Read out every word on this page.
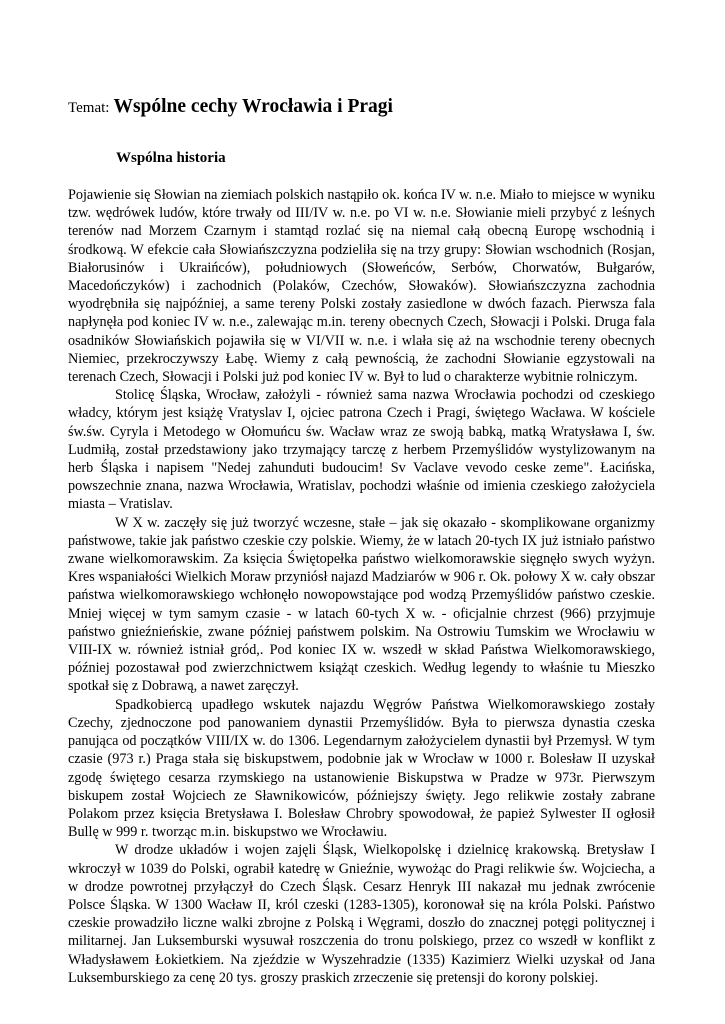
Temat: Wspólne cechy Wrocławia i Pragi
Wspólna historia

Pojawienie się Słowian na ziemiach polskich nastąpiło ok. końca IV w. n.e. Miało to miejsce w wyniku tzw. wędrówek ludów, które trwały od III/IV w. n.e. po VI w. n.e. Słowianie mieli przybyć z leśnych terenów nad Morzem Czarnym i stamtąd rozlać się na niemal całą obecną Europę wschodnią i środkową. W efekcie cała Słowiańszczyzna podzieliła się na trzy grupy: Słowian wschodnich (Rosjan, Białorusinów i Ukraińców), południowych (Słoweńców, Serbów, Chorwatów, Bułgarów, Macedończyków) i zachodnich (Polaków, Czechów, Słowaków). Słowiańszczyzna zachodnia wyodrębniła się najpóźniej, a same tereny Polski zostały zasiedlone w dwóch fazach. Pierwsza fala napłynęła pod koniec IV w. n.e., zalewając m.in. tereny obecnych Czech, Słowacji i Polski. Druga fala osadników Słowiańskich pojawiła się w VI/VII w. n.e. i wlała się aż na wschodnie tereny obecnych Niemiec, przekroczywszy Łabę. Wiemy z całą pewnością, że zachodni Słowianie egzystowali na terenach Czech, Słowacji i Polski już pod koniec IV w. Był to lud o charakterze wybitnie rolniczym.

Stolicę Śląska, Wrocław, założyli - również sama nazwa Wrocławia pochodzi od czeskiego władcy, którym jest książę Vratyslav I, ojciec patrona Czech i Pragi, świętego Wacława. W kościele św.św. Cyryla i Metodego w Ołomuńcu św. Wacław wraz ze swoją babką, matką Wratysława I, św. Ludmiłą, został przedstawiony jako trzymający tarczę z herbem Przemyślidów wystylizowanym na herb Śląska i napisem "Nedej zahunduti budoucim! Sv Vaclave vevodo ceske zeme". Łacińska, powszechnie znana, nazwa Wrocławia, Wratislav, pochodzi właśnie od imienia czeskiego założyciela miasta – Vratislav.

W X w. zaczęły się już tworzyć wczesne, stałe – jak się okazało - skomplikowane organizmy państwowe, takie jak państwo czeskie czy polskie. Wiemy, że w latach 20-tych IX już istniało państwo zwane wielkomorawskim. Za księcia Świętopełka państwo wielkomorawskie sięgnęło swych wyżyn. Kres wspaniałości Wielkich Moraw przyniósł najazd Madziarów w 906 r. Ok. połowy X w. cały obszar państwa wielkomorawskiego wchłonęło nowopowstające pod wodzą Przemyślidów państwo czeskie. Mniej więcej w tym samym czasie - w latach 60-tych X w. - oficjalnie chrzest (966) przyjmuje państwo gnieźnieńskie, zwane później państwem polskim. Na Ostrowiu Tumskim we Wrocławiu w VIII-IX w. również istniał gród,. Pod koniec IX w. wszedł w skład Państwa Wielkomorawskiego, później pozostawał pod zwierzchnictwem książąt czeskich. Według legendy to właśnie tu Mieszko spotkał się z Dobrawą, a nawet zaręczył.

Spadkobiercą upadłego wskutek najazdu Węgrów Państwa Wielkomorawskiego zostały Czechy, zjednoczone pod panowaniem dynastii Przemyślidów. Była to pierwsza dynastia czeska panująca od początków VIII/IX w. do 1306. Legendarnym założycielem dynastii był Przemysł. W tym czasie (973 r.) Praga stała się biskupstwem, podobnie jak w Wrocław w 1000 r. Bolesław II uzyskał zgodę świętego cesarza rzymskiego na ustanowienie Biskupstwa w Pradze w 973r. Pierwszym biskupem został Wojciech ze Sławnikowiców, późniejszy święty. Jego relikwie zostały zabrane Polakom przez księcia Bretysława I. Bolesław Chrobry spowodował, że papież Sylwester II ogłosił Bullę w 999 r. tworząc m.in. biskupstwo we Wrocławiu.

W drodze układów i wojen zajęli Śląsk, Wielkopolskę i dzielnicę krakowską. Bretysław I wkroczył w 1039 do Polski, ograbił katedrę w Gnieźnie, wywożąc do Pragi relikwie św. Wojciecha, a w drodze powrotnej przyłączył do Czech Śląsk. Cesarz Henryk III nakazał mu jednak zwrócenie Polsce Śląska. W 1300 Wacław II, król czeski (1283-1305), koronował się na króla Polski. Państwo czeskie prowadziło liczne walki zbrojne z Polską i Węgrami, doszło do znacznej potęgi politycznej i militarnej. Jan Luksemburski wysuwał roszczenia do tronu polskiego, przez co wszedł w konflikt z Władysławem Łokietkiem. Na zjeździe w Wyszehradzie (1335) Kazimierz Wielki uzyskał od Jana Luksemburskiego za cenę 20 tys. groszy praskich zrzeczenie się pretensji do korony polskiej.
